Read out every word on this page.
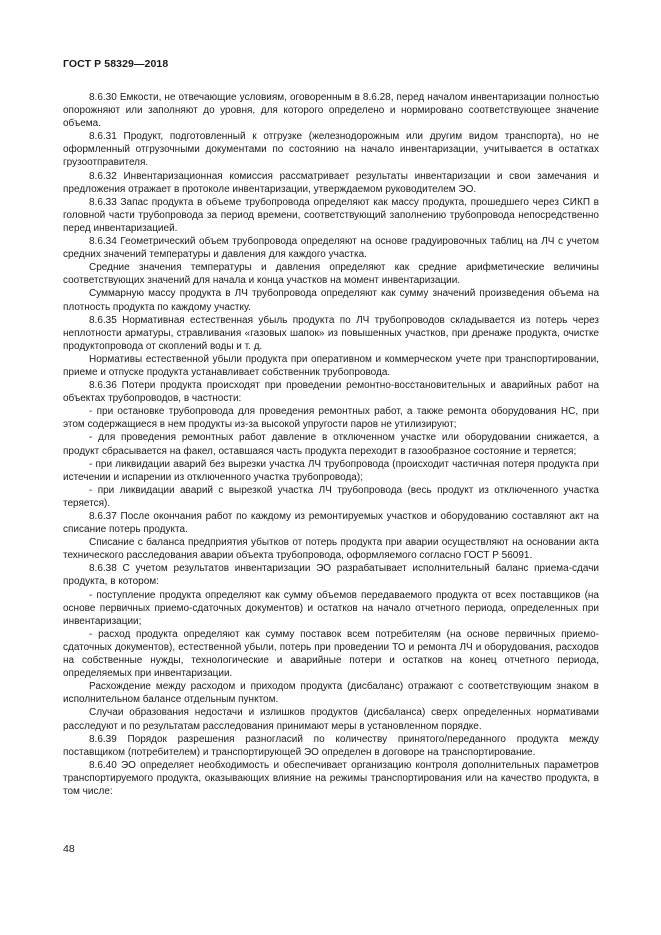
ГОСТ Р 58329—2018

8.6.30 Емкости, не отвечающие условиям, оговоренным в 8.6.28, перед началом инвентаризации полностью опорожняют или заполняют до уровня, для которого определено и нормировано соответствующее значение объема.

8.6.31 Продукт, подготовленный к отгрузке (железнодорожным или другим видом транспорта), но не оформленный отгрузочными документами по состоянию на начало инвентаризации, учитывается в остатках грузоотправителя.

8.6.32 Инвентаризационная комиссия рассматривает результаты инвентаризации и свои замечания и предложения отражает в протоколе инвентаризации, утверждаемом руководителем ЭО.

8.6.33 Запас продукта в объеме трубопровода определяют как массу продукта, прошедшего через СИКП в головной части трубопровода за период времени, соответствующий заполнению трубопровода непосредственно перед инвентаризацией.

8.6.34 Геометрический объем трубопровода определяют на основе градуировочных таблиц на ЛЧ с учетом средних значений температуры и давления для каждого участка.

Средние значения температуры и давления определяют как средние арифметические величины соответствующих значений для начала и конца участков на момент инвентаризации.

Суммарную массу продукта в ЛЧ трубопровода определяют как сумму значений произведения объема на плотность продукта по каждому участку.

8.6.35 Нормативная естественная убыль продукта по ЛЧ трубопроводов складывается из потерь через неплотности арматуры, стравливания «газовых шапок» из повышенных участков, при дренаже продукта, очистке продуктопровода от скоплений воды и т. д.

Нормативы естественной убыли продукта при оперативном и коммерческом учете при транспортировании, приеме и отпуске продукта устанавливает собственник трубопровода.

8.6.36 Потери продукта происходят при проведении ремонтно-восстановительных и аварийных работ на объектах трубопроводов, в частности:

- при остановке трубопровода для проведения ремонтных работ, а также ремонта оборудования НС, при этом содержащиеся в нем продукты из-за высокой упругости паров не утилизируют;

- для проведения ремонтных работ давление в отключенном участке или оборудовании снижается, а продукт сбрасывается на факел, оставшаяся часть продукта переходит в газообразное состояние и теряется;

- при ликвидации аварий без вырезки участка ЛЧ трубопровода (происходит частичная потеря продукта при истечении и испарении из отключенного участка трубопровода);

- при ликвидации аварий с вырезкой участка ЛЧ трубопровода (весь продукт из отключенного участка теряется).

8.6.37 После окончания работ по каждому из ремонтируемых участков и оборудованию составляют акт на списание потерь продукта.

Списание с баланса предприятия убытков от потерь продукта при аварии осуществляют на основании акта технического расследования аварии объекта трубопровода, оформляемого согласно ГОСТ Р 56091.

8.6.38 С учетом результатов инвентаризации ЭО разрабатывает исполнительный баланс приема-сдачи продукта, в котором:

- поступление продукта определяют как сумму объемов передаваемого продукта от всех поставщиков (на основе первичных приемо-сдаточных документов) и остатков на начало отчетного периода, определенных при инвентаризации;

- расход продукта определяют как сумму поставок всем потребителям (на основе первичных приемо-сдаточных документов), естественной убыли, потерь при проведении ТО и ремонта ЛЧ и оборудования, расходов на собственные нужды, технологические и аварийные потери и остатков на конец отчетного периода, определяемых при инвентаризации.

Расхождение между расходом и приходом продукта (дисбаланс) отражают с соответствующим знаком в исполнительном балансе отдельным пунктом.

Случаи образования недостачи и излишков продуктов (дисбаланса) сверх определенных нормативами расследуют и по результатам расследования принимают меры в установленном порядке.

8.6.39 Порядок разрешения разногласий по количеству принятого/переданного продукта между поставщиком (потребителем) и транспортирующей ЭО определен в договоре на транспортирование.

8.6.40 ЭО определяет необходимость и обеспечивает организацию контроля дополнительных параметров транспортируемого продукта, оказывающих влияние на режимы транспортирования или на качество продукта, в том числе:

48
